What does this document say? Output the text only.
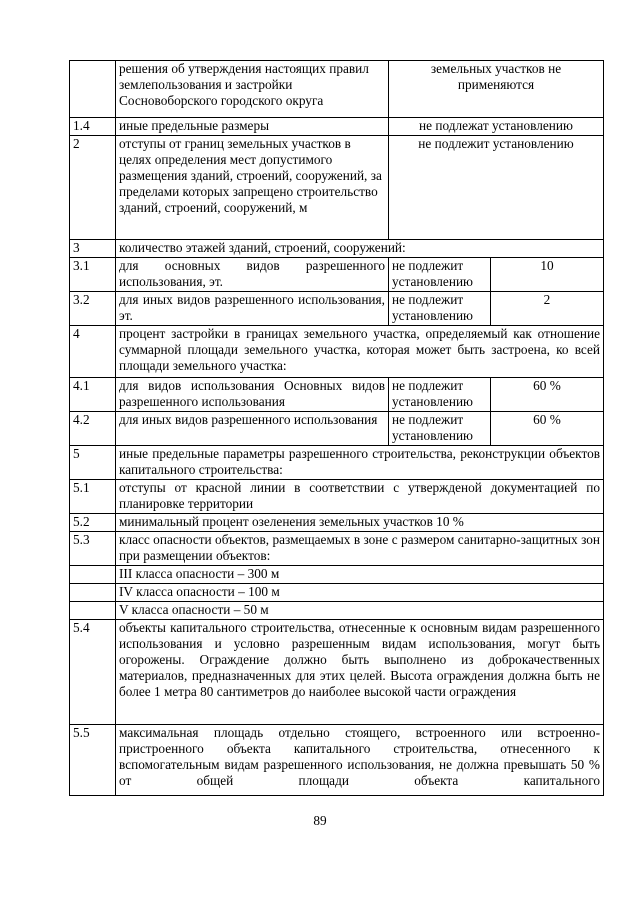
	решения об утверждения настоящих правил землепользования и застройки Сосновоборского городского округа	земельных участков не применяются	
1.4	иные предельные размеры	не подлежат установлению	
2	отступы от границ земельных участков в целях определения мест допустимого размещения зданий, строений, сооружений, за пределами которых запрещено строительство зданий, строений, сооружений, м	не подлежит установлению	
3	количество этажей зданий, строений, сооружений:		
3.1	для основных видов разрешенного использования, эт.	не подлежит установлению	10
3.2	для иных видов разрешенного использования, эт.	не подлежит установлению	2
4	процент застройки в границах земельного участка, определяемый как отношение суммарной площади земельного участка, которая может быть застроена, ко всей площади земельного участка:		
4.1	для видов использования Основных видов разрешенного использования	не подлежит установлению	60 %
4.2	для иных видов разрешенного использования	не подлежит установлению	60 %
5	иные предельные параметры разрешенного строительства, реконструкции объектов капитального строительства:		
5.1	отступы от красной линии в соответствии с утвержденой документацией по планировке территории		
5.2	минимальный процент озеленения земельных участков 10 %		
5.3	класс опасности объектов, размещаемых в зоне с размером санитарно-защитных зон при размещении объектов:		
	III класса опасности – 300 м		
	IV класса опасности – 100 м		
	V класса опасности – 50 м		
5.4	объекты капитального строительства, отнесенные к основным видам разрешенного использования и условно разрешенным видам использования, могут быть огорожены. Ограждение должно быть выполнено из доброкачественных материалов, предназначенных для этих целей. Высота ограждения должна быть не более 1 метра 80 сантиметров до наиболее высокой части ограждения		
5.5	максимальная площадь отдельно стоящего, встроенного или встроенно-пристроенного объекта капитального строительства, отнесенного к вспомогательным видам разрешенного использования, не должна превышать 50 % от общей площади объекта капитального		
89
